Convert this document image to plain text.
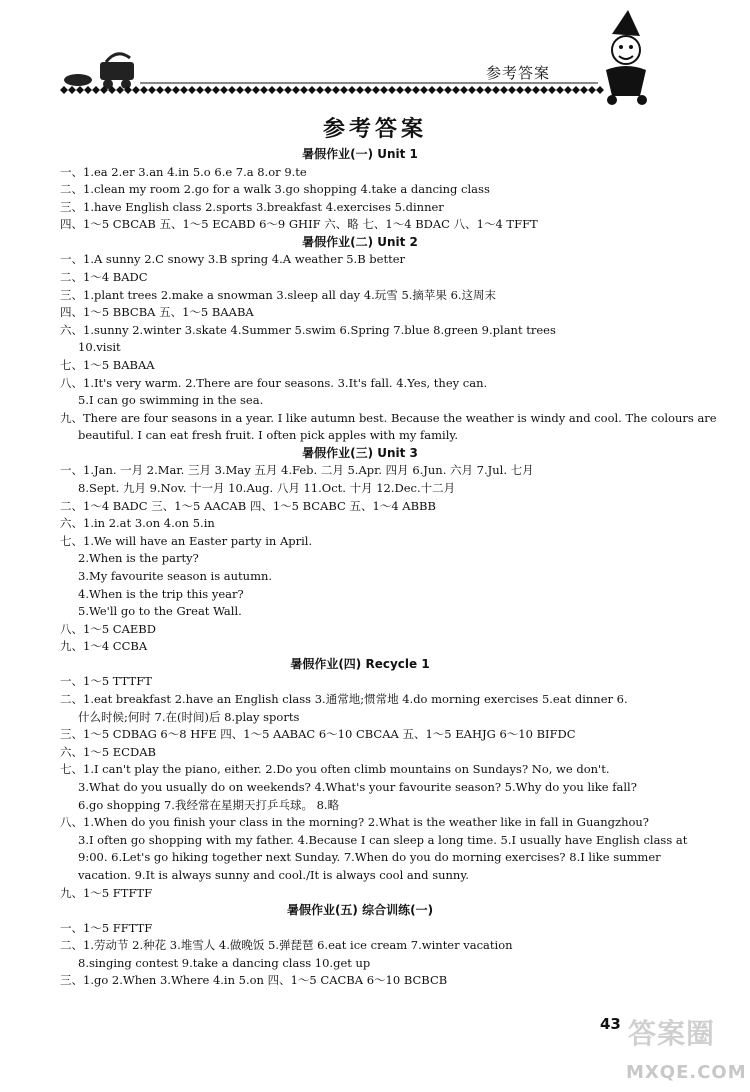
参考答案
参考答案
暑假作业(一) Unit 1
一、1.ea 2.er 3.an 4.in 5.o 6.e 7.a 8.or 9.te
二、1.clean my room 2.go for a walk 3.go shopping 4.take a dancing class
三、1.have English class 2.sports 3.breakfast 4.exercises 5.dinner
四、1～5 CBCAB 五、1～5 ECABD 6～9 GHIF 六、略 七、1～4 BDAC 八、1～4 TFFT
暑假作业(二) Unit 2
一、1.A sunny 2.C snowy 3.B spring 4.A weather 5.B better
二、1～4 BADC
三、1.plant trees 2.make a snowman 3.sleep all day 4.玩雪 5.摘苹果 6.这周末
四、1～5 BBCBA 五、1～5 BAABA
六、1.sunny 2.winter 3.skate 4.Summer 5.swim 6.Spring 7.blue 8.green 9.plant trees
10.visit
七、1～5 BABAA
八、1.It's very warm. 2.There are four seasons. 3.It's fall. 4.Yes, they can.
5.I can go swimming in the sea.
九、There are four seasons in a year. I like autumn best. Because the weather is windy and cool. The colours are
beautiful. I can eat fresh fruit. I often pick apples with my family.
暑假作业(三) Unit 3
一、1.Jan. 一月 2.Mar. 三月 3.May 五月 4.Feb. 二月 5.Apr. 四月 6.Jun. 六月 7.Jul. 七月
8.Sept. 九月 9.Nov. 十一月 10.Aug. 八月 11.Oct. 十月 12.Dec.十二月
二、1～4 BADC 三、1～5 AACAB 四、1～5 BCABC 五、1～4 ABBB
六、1.in 2.at 3.on 4.on 5.in
七、1.We will have an Easter party in April.
2.When is the party?
3.My favourite season is autumn.
4.When is the trip this year?
5.We'll go to the Great Wall.
八、1～5 CAEBD
九、1～4 CCBA
暑假作业(四) Recycle 1
一、1～5 TTTFT
二、1.eat breakfast 2.have an English class 3.通常地;惯常地 4.do morning exercises 5.eat dinner 6.
什么时候;何时 7.在(时间)后 8.play sports
三、1～5 CDBAG 6～8 HFE 四、1～5 AABAC 6～10 CBCAA 五、1～5 EAHJG 6～10 BIFDC
六、1～5 ECDAB
七、1.I can't play the piano, either. 2.Do you often climb mountains on Sundays? No, we don't.
3.What do you usually do on weekends? 4.What's your favourite season? 5.Why do you like fall?
6.go shopping 7.我经常在星期天打乒乓球。 8.略
八、1.When do you finish your class in the morning? 2.What is the weather like in fall in Guangzhou?
3.I often go shopping with my father. 4.Because I can sleep a long time. 5.I usually have English class at
9:00. 6.Let's go hiking together next Sunday. 7.When do you do morning exercises? 8.I like summer
vacation. 9.It is always sunny and cool./It is always cool and sunny.
九、1～5 FTFTF
暑假作业(五) 综合训练(一)
一、1～5 FFTTF
二、1.劳动节 2.种花 3.堆雪人 4.做晚饭 5.弹琵琶 6.eat ice cream 7.winter vacation
8.singing contest 9.take a dancing class 10.get up
三、1.go 2.When 3.Where 4.in 5.on 四、1～5 CACBA 6～10 BCBCB
43 答案圈
MXQE.COM
